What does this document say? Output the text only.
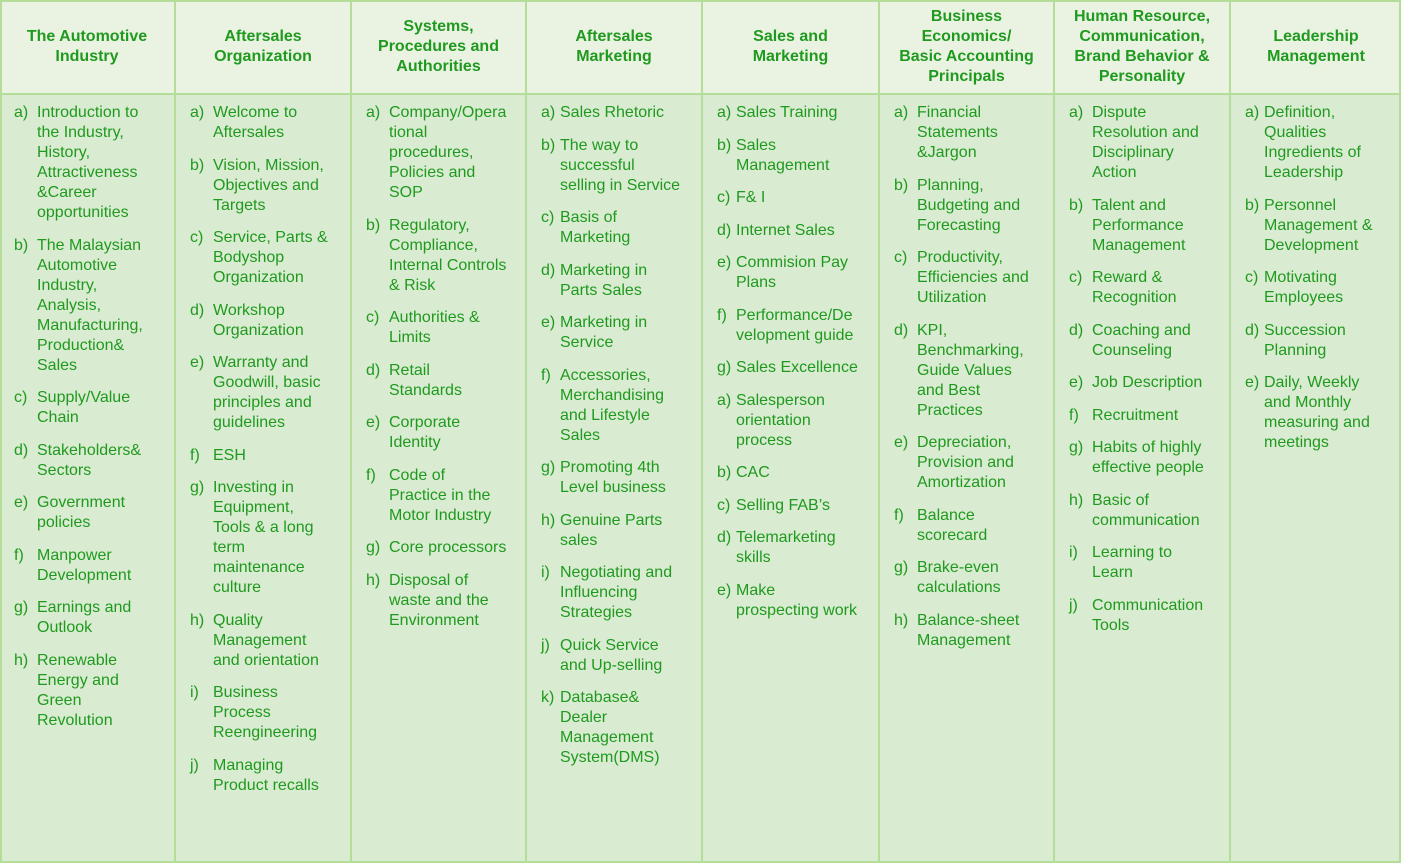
The Automotive
Industry
Aftersales
Organization
Systems,
Procedures and
Authorities
Aftersales
Marketing
Sales and
Marketing
Business
Economics/
Basic Accounting
Principals
Human Resource,
Communication,
Brand Behavior &
Personality
Leadership
Management
a) Introduction to
the Industry,
History,
Attractiveness
&Career
opportunities
b) The Malaysian
Automotive
Industry,
Analysis,
Manufacturing,
Production&
Sales
c) Supply/Value
Chain
d) Stakeholders&
Sectors
e) Government
policies
f) Manpower
Development
g) Earnings and
Outlook
h) Renewable
Energy and
Green
Revolution
a) Welcome to
Aftersales
b) Vision, Mission,
Objectives and
Targets
c) Service, Parts &
Bodyshop
Organization
d) Workshop
Organization
e) Warranty and
Goodwill, basic
principles and
guidelines
f) ESH
g) Investing in
Equipment,
Tools & a long
term
maintenance
culture
h) Quality
Management
and orientation
i) Business
Process
Reengineering
j) Managing
Product recalls
a) Company/Opera
tional
procedures,
Policies and
SOP
b) Regulatory,
Compliance,
Internal Controls
& Risk
c) Authorities &
Limits
d) Retail
Standards
e) Corporate
Identity
f) Code of
Practice in the
Motor Industry
g) Core processors
h) Disposal of
waste and the
Environment
a) Sales Rhetoric
b) The way to
successful
selling in Service
c) Basis of
Marketing
d) Marketing in
Parts Sales
e) Marketing in
Service
f) Accessories,
Merchandising
and Lifestyle
Sales
g) Promoting 4th
Level business
h) Genuine Parts
sales
i) Negotiating and
Influencing
Strategies
j) Quick Service
and Up-selling
k) Database&
Dealer
Management
System(DMS)
a) Sales Training
b) Sales
Management
c) F& I
d) Internet Sales
e) Commision Pay
Plans
f) Performance/De
velopment guide
g) Sales Excellence
a) Salesperson
orientation
process
b) CAC
c) Selling FAB’s
d) Telemarketing
skills
e) Make
prospecting work
a) Financial
Statements
&Jargon
b) Planning,
Budgeting and
Forecasting
c) Productivity,
Efficiencies and
Utilization
d) KPI,
Benchmarking,
Guide Values
and Best
Practices
e) Depreciation,
Provision and
Amortization
f) Balance
scorecard
g) Brake-even
calculations
h) Balance-sheet
Management
a) Dispute
Resolution and
Disciplinary
Action
b) Talent and
Performance
Management
c) Reward &
Recognition
d) Coaching and
Counseling
e) Job Description
f) Recruitment
g) Habits of highly
effective people
h) Basic of
communication
i) Learning to
Learn
j) Communication
Tools
a) Definition,
Qualities
Ingredients of
Leadership
b) Personnel
Management &
Development
c) Motivating
Employees
d) Succession
Planning
e) Daily, Weekly
and Monthly
measuring and
meetings
